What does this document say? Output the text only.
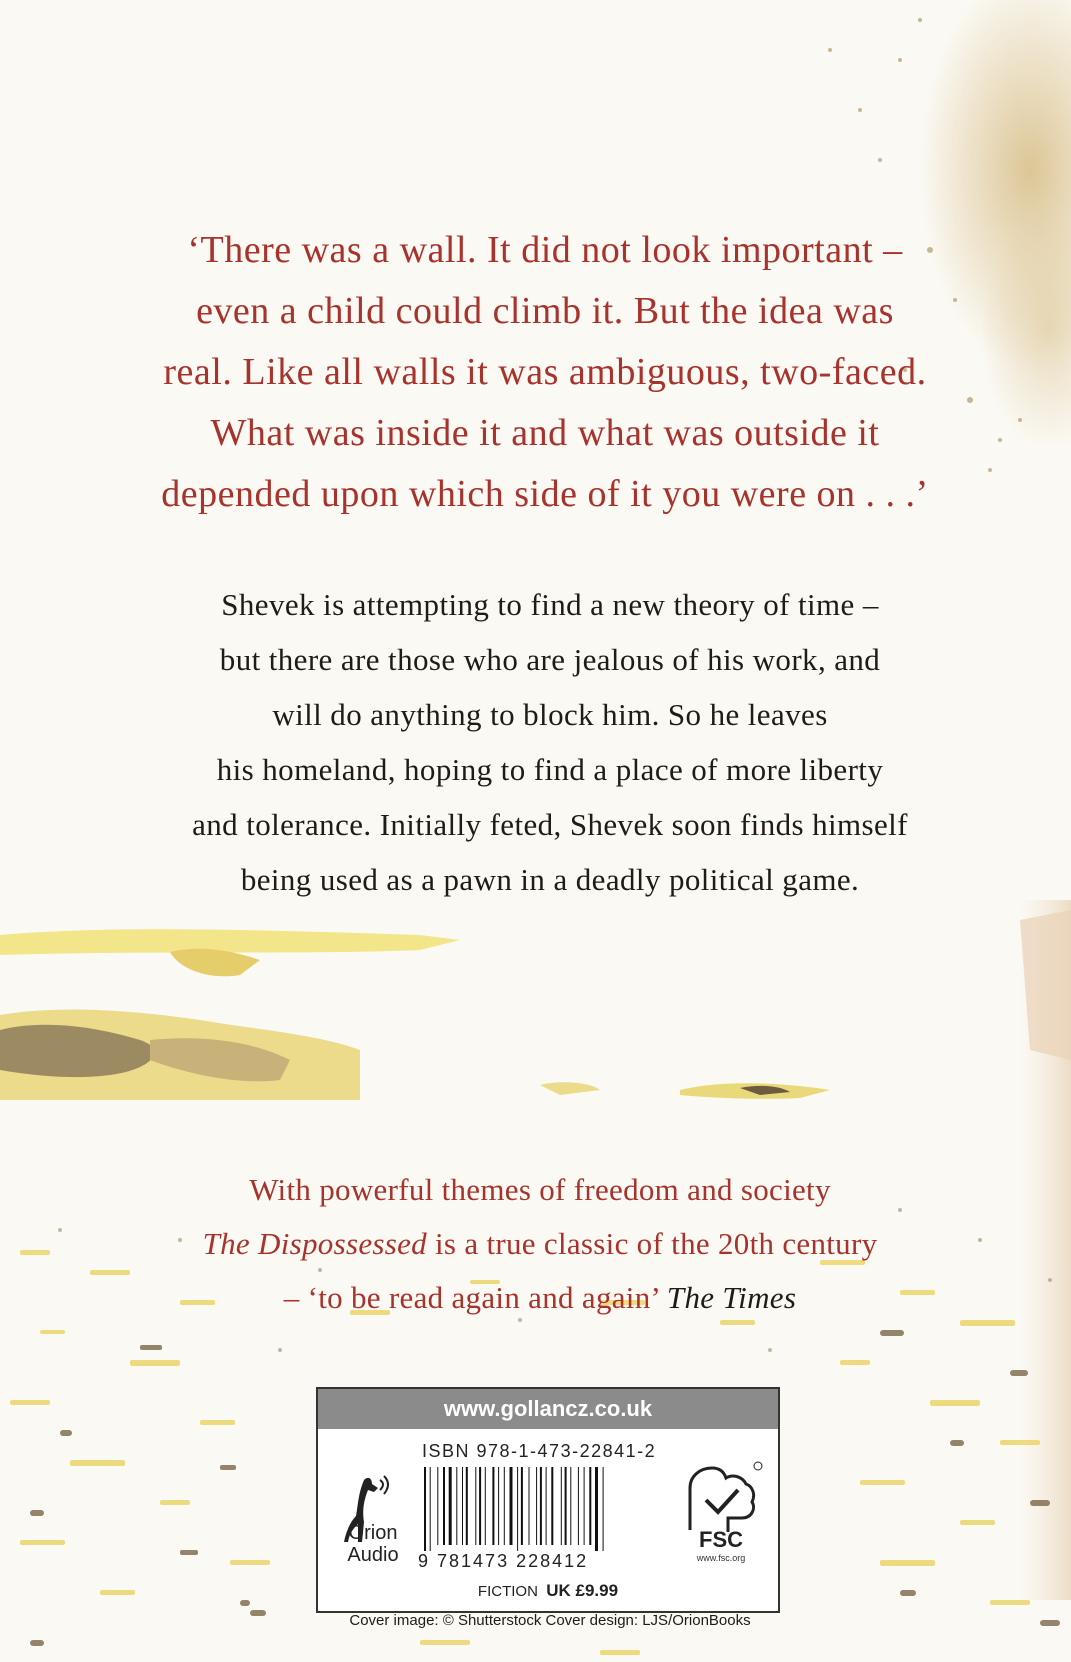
‘There was a wall. It did not look important –
even a child could climb it. But the idea was
real. Like all walls it was ambiguous, two-faced.
What was inside it and what was outside it
depended upon which side of it you were on . . .’
Shevek is attempting to find a new theory of time –
but there are those who are jealous of his work, and
will do anything to block him. So he leaves
his homeland, hoping to find a place of more liberty
and tolerance. Initially feted, Shevek soon finds himself
being used as a pawn in a deadly political game.
With powerful themes of freedom and society
The Dispossessed is a true classic of the 20th century
– ‘to be read again and again’ The Times
www.gollancz.co.uk
Orion
Audio
ISBN 978-1-473-22841-2
9 781473 228412
FSC
www.fsc.org
FICTION UK £9.99
Cover image: © Shutterstock Cover design: LJS/OrionBooks
